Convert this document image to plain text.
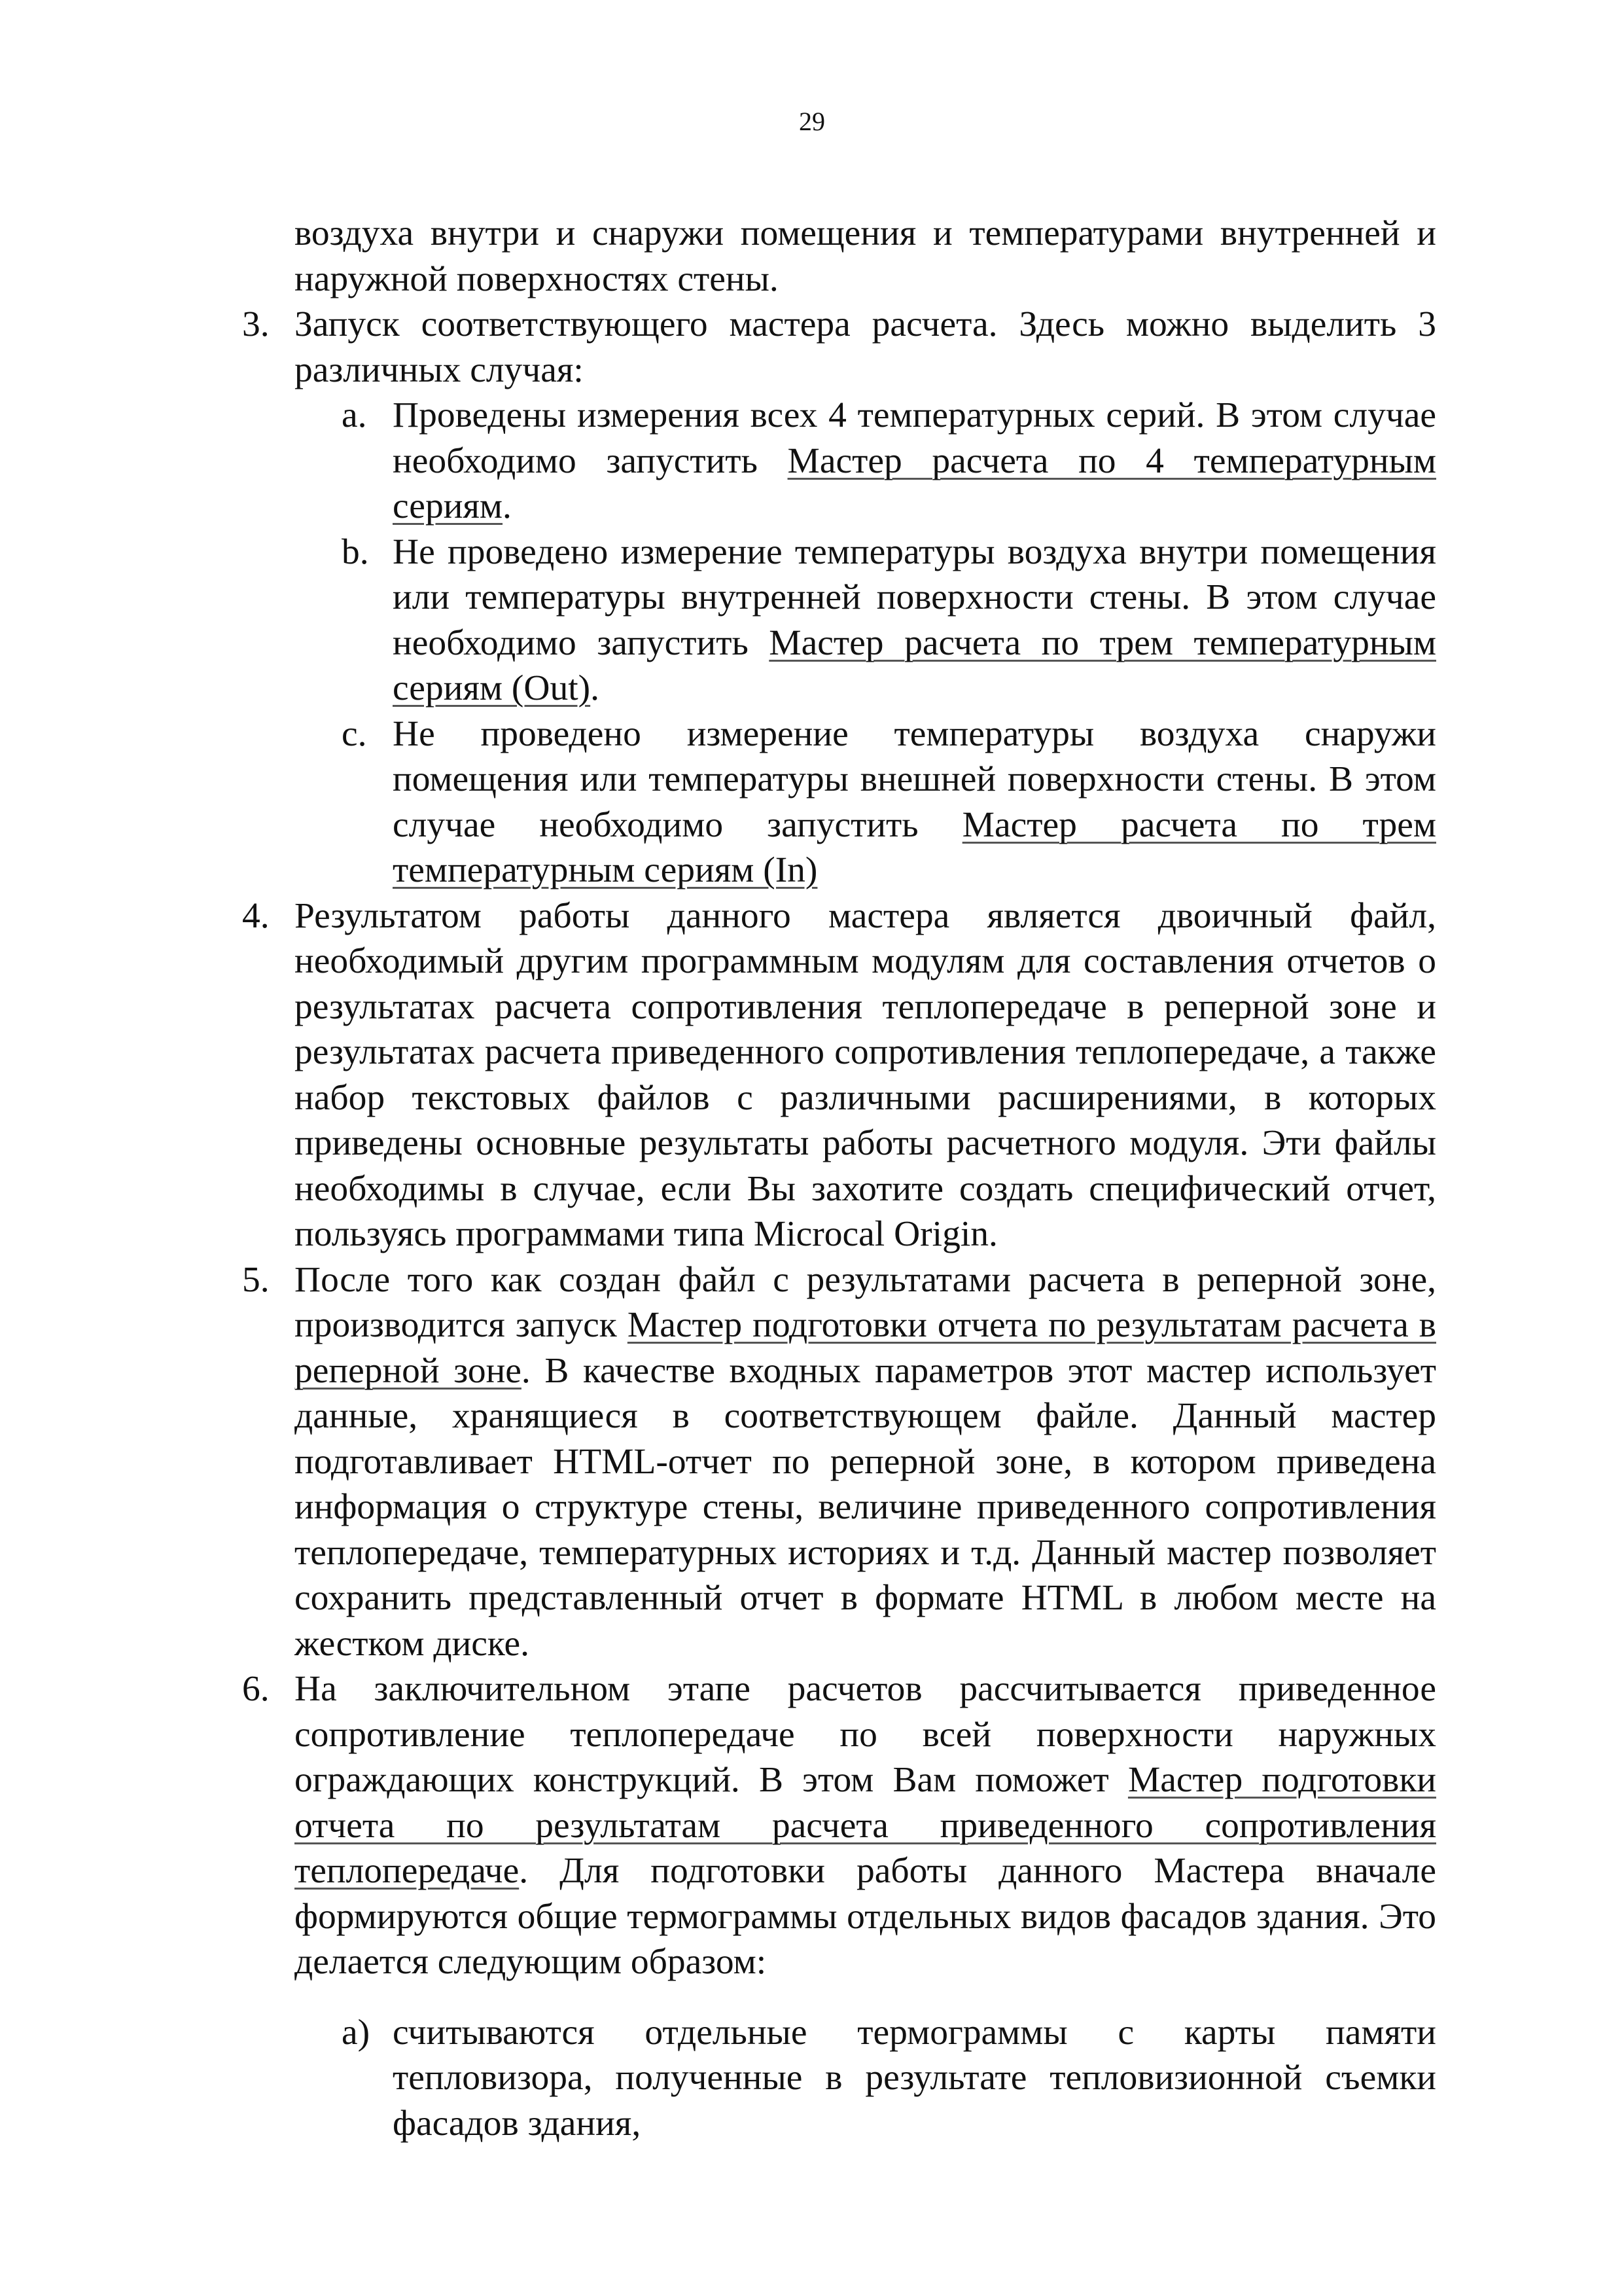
29

воздуха внутри и снаружи помещения и температурами внутренней и наружной поверхностях стены.

3. Запуск соответствующего мастера расчета. Здесь можно выделить 3 различных случая:

a. Проведены измерения всех 4 температурных серий. В этом случае необходимо запустить Мастер расчета по 4 температурным сериям.

b. Не проведено измерение температуры воздуха внутри помещения или температуры внутренней поверхности стены. В этом случае необходимо запустить Мастер расчета по трем температурным сериям (Out).

c. Не проведено измерение температуры воздуха снаружи помещения или температуры внешней поверхности стены. В этом случае необходимо запустить Мастер расчета по трем температурным сериям (In)

4. Результатом работы данного мастера является двоичный файл, необходимый другим программным модулям для составления отчетов о результатах расчета сопротивления теплопередаче в реперной зоне и результатах расчета приведенного сопротивления теплопередаче, а также набор текстовых файлов с различными расширениями, в которых приведены основные результаты работы расчетного модуля. Эти файлы необходимы в случае, если Вы захотите создать специфический отчет, пользуясь программами типа Microcal Origin.

5. После того как создан файл с результатами расчета в реперной зоне, производится запуск Мастер подготовки отчета по результатам расчета в реперной зоне. В качестве входных параметров этот мастер использует данные, хранящиеся в соответствующем файле. Данный мастер подготавливает HTML-отчет по реперной зоне, в котором приведена информация о структуре стены, величине приведенного сопротивления теплопередаче, температурных историях и т.д. Данный мастер позволяет сохранить представленный отчет в формате HTML в любом месте на жестком диске.

6. На заключительном этапе расчетов рассчитывается приведенное сопротивление теплопередаче по всей поверхности наружных ограждающих конструкций. В этом Вам поможет Мастер подготовки отчета по результатам расчета приведенного сопротивления теплопередаче. Для подготовки работы данного Мастера вначале формируются общие термограммы отдельных видов фасадов здания. Это делается следующим образом:

а) считываются отдельные термограммы с карты памяти тепловизора, полученные в результате тепловизионной съемки фасадов здания,
